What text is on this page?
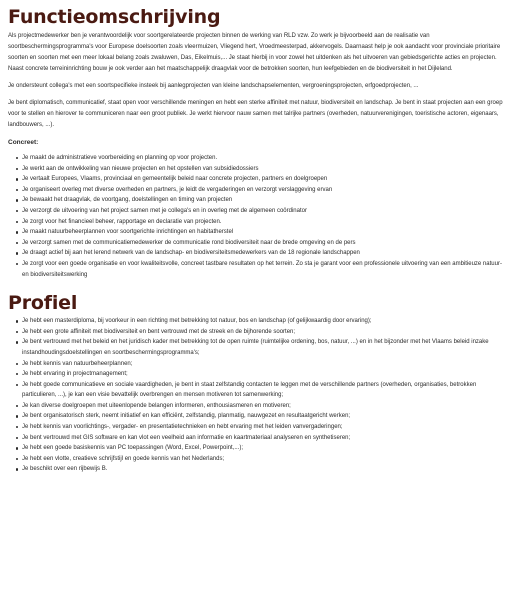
Functieomschrijving

Als projectmedewerker ben je verantwoordelijk voor soortgerelateerde projecten binnen de werking van RLD vzw. Zo werk je bijvoorbeeld aan de realisatie van soortbeschermingsprogramma's voor Europese doelsoorten zoals vleermuizen, Vliegend hert, Vroedmeesterpad, akkervogels. Daarnaast help je ook aandacht voor provinciale prioritaire soorten en soorten met een meer lokaal belang zoals zwaluwen, Das, Eikelmuis,... Je staat hierbij in voor zowel het uitdenken als het uitvoeren van gebiedsgerichte acties en projecten. Naast concrete terreininrichting bouw je ook verder aan het maatschappelijk draagvlak voor de betrokken soorten, hun leefgebieden en de biodiversiteit in het Dijleland.

Je ondersteunt collega's met een soortspecifieke insteek bij aanlegprojecten van kleine landschapselementen, vergroeningsprojecten, erfgoedprojecten, ...

Je bent diplomatisch, communicatief, staat open voor verschillende meningen en hebt een sterke affiniteit met natuur, biodiversiteit en landschap. Je bent in staat projecten aan een groep voor te stellen en hierover te communiceren naar een groot publiek. Je werkt hiervoor nauw samen met talrijke partners (overheden, natuurverenigingen, toeristische actoren, eigenaars, landbouwers, ...).

Concreet:

Je maakt de administratieve voorbereiding en planning op voor projecten.
Je werkt aan de ontwikkeling van nieuwe projecten en het opstellen van subsidiedossiers
Je vertaalt Europees, Vlaams, provinciaal en gemeentelijk beleid naar concrete projecten, partners en doelgroepen
Je organiseert overleg met diverse overheden en partners, je leidt de vergaderingen en verzorgt verslaggeving ervan
Je bewaakt het draagvlak, de voortgang, doelstellingen en timing van projecten
Je verzorgt de uitvoering van het project samen met je collega's en in overleg met de algemeen coördinator
Je zorgt voor het financieel beheer, rapportage en declaratie van projecten.
Je maakt natuurbeheerplannen voor soortgerichte inrichtingen en habitatherstel
Je verzorgt samen met de communicatiemedewerker de communicatie rond biodiversiteit naar de brede omgeving en de pers
Je draagt actief bij aan het lerend netwerk van de landschap- en biodiversiteitsmedewerkers van de 18 regionale landschappen
Je zorgt voor een goede organisatie en voor kwaliteitsvolle, concreet tastbare resultaten op het terrein. Zo sta je garant voor een professionele uitvoering van een ambitieuze natuur- en biodiversiteitswerking
Profiel
Je hebt een masterdiploma, bij voorkeur in een richting met betrekking tot natuur, bos en landschap (of gelijkwaardig door ervaring);
Je hebt een grote affiniteit met biodiversiteit en bent vertrouwd met de streek en de bijhorende soorten;
Je bent vertrouwd met het beleid en het juridisch kader met betrekking tot de open ruimte (ruimtelijke ordening, bos, natuur, ...) en in het bijzonder met het Vlaams beleid inzake instandhoudingsdoelstellingen en soortbeschermingsprogramma's;
Je hebt kennis van natuurbeheerplannen;
Je hebt ervaring in projectmanagement;
Je hebt goede communicatieve en sociale vaardigheden, je bent in staat zelfstandig contacten te leggen met de verschillende partners (overheden, organisaties, betrokken particulieren, ...), je kan een visie bevattelijk overbrengen en mensen motiveren tot samenwerking;
Je kan diverse doelgroepen met uiteenlopende belangen informeren, enthousiasmeren en motiveren;
Je bent organisatorisch sterk, neemt initiatief en kan efficiënt, zelfstandig, planmatig, nauwgezet en resultaatgericht werken;
Je hebt kennis van voorlichtings-, vergader- en presentatietechnieken en hebt ervaring met het leiden vanvergaderingen;
Je bent vertrouwd met GIS software en kan vlot een veelheid aan informatie en kaartmateriaal analyseren en synthetiseren;
Je hebt een goede basiskennis van PC toepassingen (Word, Excel, Powerpoint,...);
Je hebt een vlotte, creatieve schrijfstijl en goede kennis van het Nederlands;
Je beschikt over een rijbewijs B.
